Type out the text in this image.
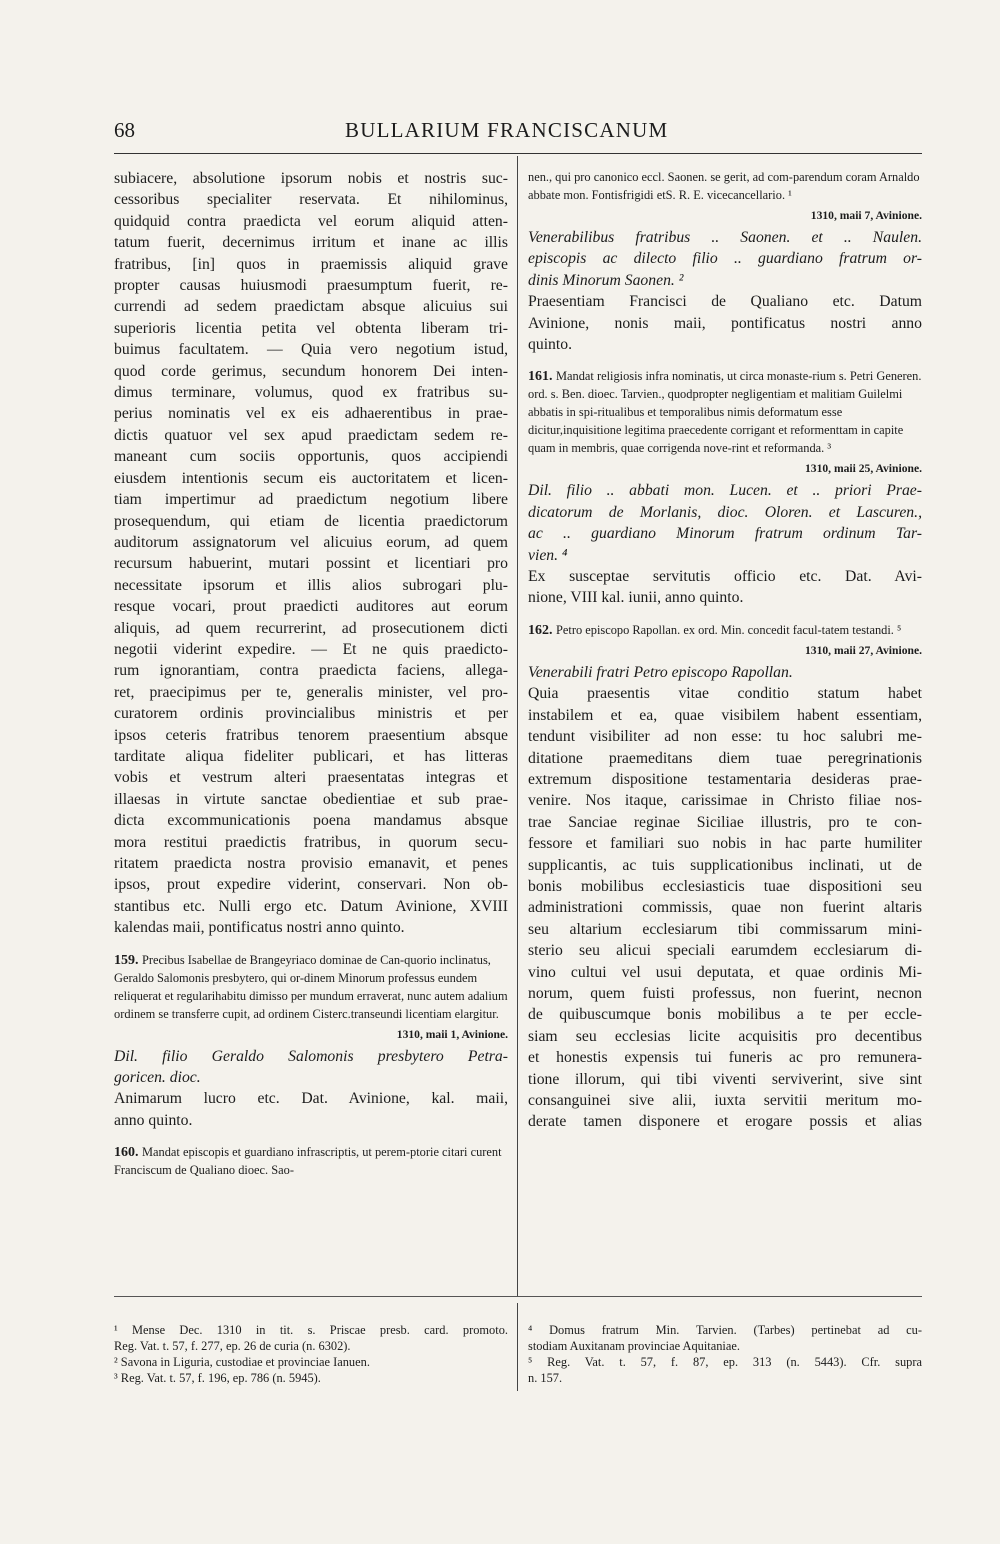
68	BULLARIUM FRANCISCANUM
subiacere, absolutione ipsorum nobis et nostris suc-
cessoribus specialiter reservata. Et nihilominus,
quidquid contra praedicta vel eorum aliquid atten-
tatum fuerit, decernimus irritum et inane ac illis
fratribus, [in] quos in praemissis aliquid grave
propter causas huiusmodi praesumptum fuerit, re-
currendi ad sedem praedictam absque alicuius sui
superioris licentia petita vel obtenta liberam tri-
buimus facultatem. — Quia vero negotium istud,
quod corde gerimus, secundum honorem Dei inten-
dimus terminare, volumus, quod ex fratribus su-
perius nominatis vel ex eis adhaerentibus in prae-
dictis quatuor vel sex apud praedictam sedem re-
maneant cum sociis opportunis, quos accipiendi
eiusdem intentionis secum eis auctoritatem et licen-
tiam impertimur ad praedictum negotium libere
prosequendum, qui etiam de licentia praedictorum
auditorum assignatorum vel alicuius eorum, ad quem
recursum habuerint, mutari possint et licentiari pro
necessitate ipsorum et illis alios subrogari plu-
resque vocari, prout praedicti auditores aut eorum
aliquis, ad quem recurrerint, ad prosecutionem dicti
negotii viderint expedire. — Et ne quis praedicto-
rum ignorantiam, contra praedicta faciens, allega-
ret, praecipimus per te, generalis minister, vel pro-
curatorem ordinis provincialibus ministris et per
ipsos ceteris fratribus tenorem praesentium absque
tarditate aliqua fideliter publicari, et has litteras
vobis et vestrum alteri praesentatas integras et
illaesas in virtute sanctae obedientiae et sub prae-
dicta excommunicationis poena mandamus absque
mora restitui praedictis fratribus, in quorum secu-
ritatem praedicta nostra provisio emanavit, et penes
ipsos, prout expedire viderint, conservari. Non ob-
stantibus etc. Nulli ergo etc. Datum Avinione, XVIII
kalendas maii, pontificatus nostri anno quinto.
159. Precibus Isabellae de Brangeyriaco dominae de Can-quorio inclinatus, Geraldo Salomonis presbytero, qui or-dinem Minorum professus eundem reliquerat et regularihabitu dimisso per mundum erraverat, nunc autem adalium ordinem se transferre cupit, ad ordinem Cisterc.transeundi licentiam elargitur.

1310, maii 1, Avinione.

Dil. filio Geraldo Salomonis presbytero Petra-
goricen. dioc.
Animarum lucro etc. Dat. Avinione, kal. maii,
anno quinto.
160. Mandat episcopis et guardiano infrascriptis, ut perem-ptorie citari curent Franciscum de Qualiano dioec. Sao-
nen., qui pro canonico eccl. Saonen. se gerit, ad com-parendum coram Arnaldo abbate mon. Fontisfrigidi etS. R. E. vicecancellario. ¹

1310, maii 7, Avinione.

Venerabilibus fratribus .. Saonen. et .. Naulen.
episcopis ac dilecto filio .. guardiano fratrum or-
dinis Minorum Saonen. ²
Praesentiam Francisci de Qualiano etc. Datum
Avinione, nonis maii, pontificatus nostri anno
quinto.
161. Mandat religiosis infra nominatis, ut circa monaste-rium s. Petri Generen. ord. s. Ben. dioec. Tarvien., quodpropter negligentiam et malitiam Guilelmi abbatis in spi-ritualibus et temporalibus nimis deformatum esse dicitur,inquisitione legitima praecedente corrigant et reformenttam in capite quam in membris, quae corrigenda nove-rint et reformanda. ³

1310, maii 25, Avinione.

Dil. filio .. abbati mon. Lucen. et .. priori Prae-
dicatorum de Morlanis, dioc. Oloren. et Lascuren.,
ac .. guardiano Minorum fratrum ordinum Tar-
vien. ⁴
Ex susceptae servitutis officio etc. Dat. Avi-
nione, VIII kal. iunii, anno quinto.
162. Petro episcopo Rapollan. ex ord. Min. concedit facul-tatem testandi. ⁵

1310, maii 27, Avinione.

Venerabili fratri Petro episcopo Rapollan.
Quia praesentis vitae conditio statum habet
instabilem et ea, quae visibilem habent essentiam,
tendunt visibiliter ad non esse: tu hoc salubri me-
ditatione praemeditans diem tuae peregrinationis
extremum dispositione testamentaria desideras prae-
venire. Nos itaque, carissimae in Christo filiae nos-
trae Sanciae reginae Siciliae illustris, pro te con-
fessore et familiari suo nobis in hac parte humiliter
supplicantis, ac tuis supplicationibus inclinati, ut de
bonis mobilibus ecclesiasticis tuae dispositioni seu
administrationi commissis, quae non fuerint altaris
seu altarium ecclesiarum tibi commissarum mini-
sterio seu alicui speciali earumdem ecclesiarum di-
vino cultui vel usui deputata, et quae ordinis Mi-
norum, quem fuisti professus, non fuerint, necnon
de quibuscumque bonis mobilibus a te per eccle-
siam seu ecclesias licite acquisitis pro decentibus
et honestis expensis tui funeris ac pro remunera-
tione illorum, qui tibi viventi serviverint, sive sint
consanguinei sive alii, iuxta servitii meritum mo-
derate tamen disponere et erogare possis et alias
¹ Mense Dec. 1310 in tit. s. Priscae presb. card. promoto.
Reg. Vat. t. 57, f. 277, ep. 26 de curia (n. 6302).
² Savona in Liguria, custodiae et provinciae Ianuen.
³ Reg. Vat. t. 57, f. 196, ep. 786 (n. 5945).
⁴ Domus fratrum Min. Tarvien. (Tarbes) pertinebat ad cu-
stodiam Auxitanam provinciae Aquitaniae.
⁵ Reg. Vat. t. 57, f. 87, ep. 313 (n. 5443). Cfr. supra
n. 157.
